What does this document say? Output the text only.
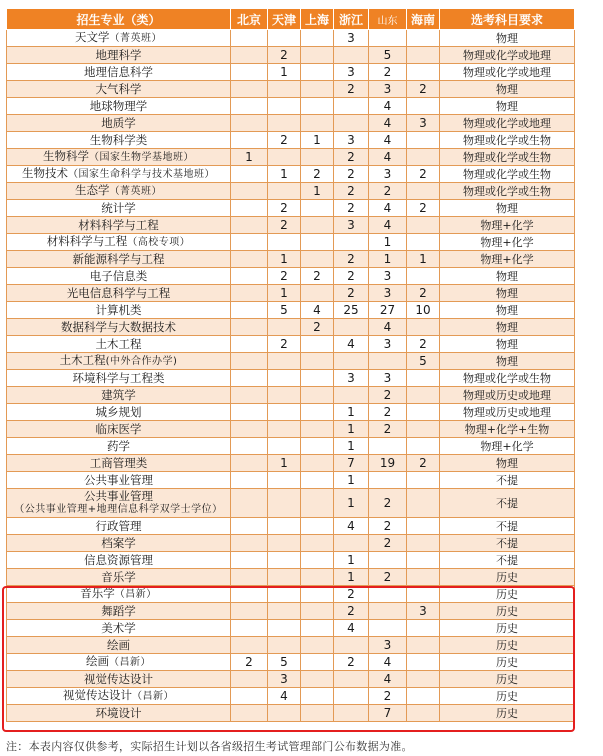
招生专业（类）	北京	天津	上海	浙江	山东	海南	选考科目要求
天文学（菁英班）				3			物理
地理科学		2			5		物理或化学或地理
地理信息科学		1		3	2		物理或化学或地理
大气科学				2	3	2	物理
地球物理学					4		物理
地质学					4	3	物理或化学或地理
生物科学类		2	1	3	4		物理或化学或生物
生物科学（国家生物学基地班）	1			2	4		物理或化学或生物
生物技术（国家生命科学与技术基地班）		1	2	2	3	2	物理或化学或生物
生态学（菁英班）			1	2	2		物理或化学或生物
统计学		2		2	4	2	物理
材料科学与工程		2		3	4		物理+化学
材料科学与工程（高校专项）					1		物理+化学
新能源科学与工程		1		2	1	1	物理+化学
电子信息类		2	2	2	3		物理
光电信息科学与工程		1		2	3	2	物理
计算机类		5	4	25	27	10	物理
数据科学与大数据技术			2		4		物理
土木工程		2		4	3	2	物理
土木工程(中外合作办学)						5	物理
环境科学与工程类				3	3		物理或化学或生物
建筑学					2		物理或历史或地理
城乡规划				1	2		物理或历史或地理
临床医学				1	2		物理+化学+生物
药学				1			物理+化学
工商管理类		1		7	19	2	物理
公共事业管理				1			不提

公共事业管理
（公共事业管理+地理信息科学双学士学位）				1	2		不提
行政管理				4	2		不提
档案学					2		不提
信息资源管理				1			不提
音乐学				1	2		历史
音乐学（昌新）				2			历史
舞蹈学				2		3	历史
美术学				4			历史
绘画					3		历史
绘画（昌新）	2	5		2	4		历史
视觉传达设计		3			4		历史
视觉传达设计（昌新）		4			2		历史
环境设计					7		历史
注：本表内容仅供参考，实际招生计划以各省级招生考试管理部门公布数据为准。
